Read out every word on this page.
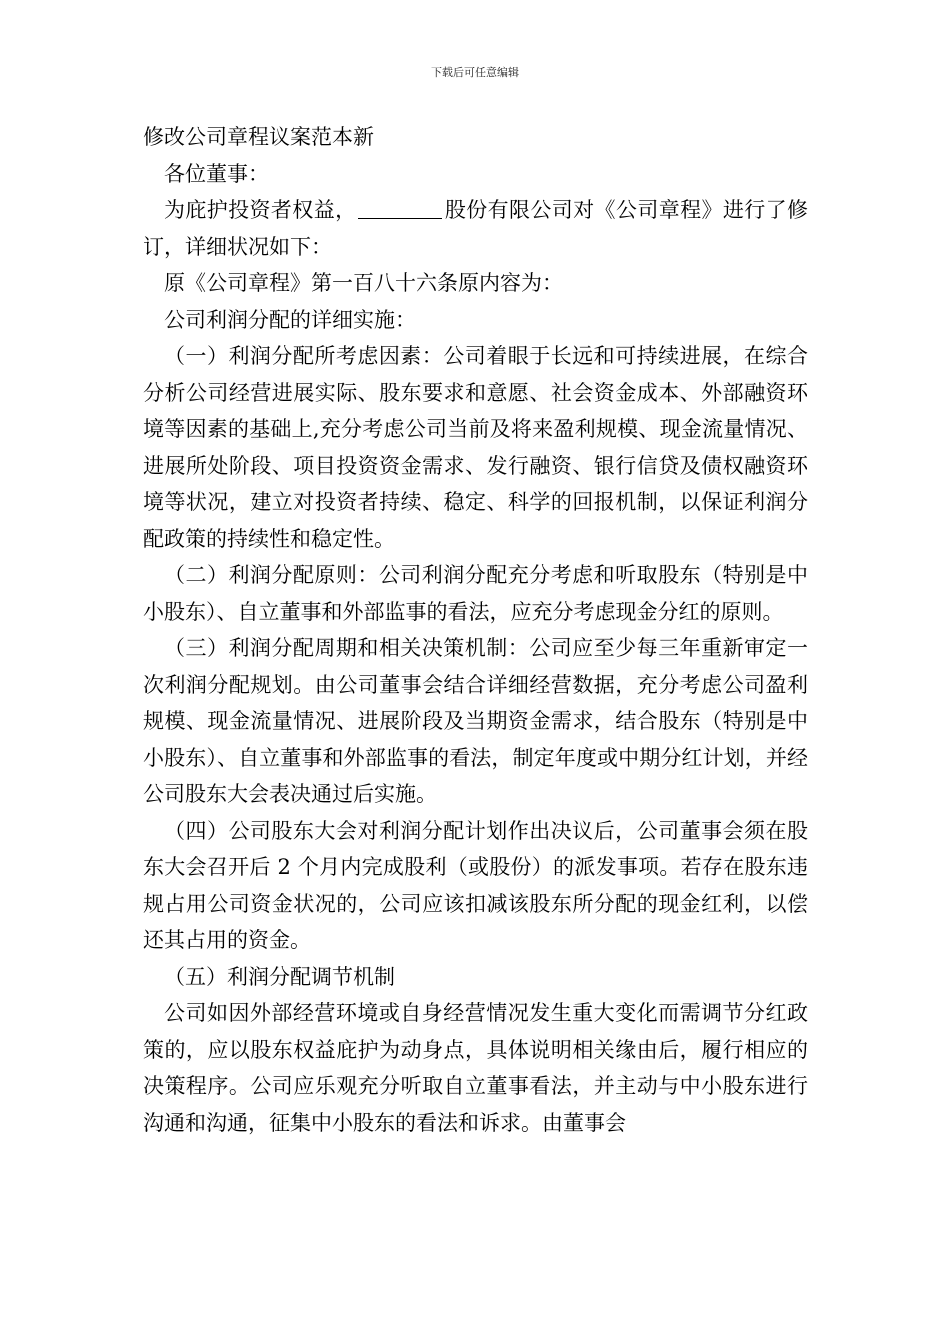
下载后可任意编辑

修改公司章程议案范本新

各位董事：

为庇护投资者权益，	股份有限公司对《公司章程》进行了修订，详细状况如下：

原《公司章程》第一百八十六条原内容为：

公司利润分配的详细实施：

（一）利润分配所考虑因素：公司着眼于长远和可持续进展，在综合分析公司经营进展实际、股东要求和意愿、社会资金成本、外部融资环境等因素的基础上,充分考虑公司当前及将来盈利规模、现金流量情况、进展所处阶段、项目投资资金需求、发行融资、银行信贷及债权融资环境等状况，建立对投资者持续、稳定、科学的回报机制，以保证利润分配政策的持续性和稳定性。

（二）利润分配原则：公司利润分配充分考虑和听取股东（特别是中小股东）、自立董事和外部监事的看法，应充分考虑现金分红的原则。

（三）利润分配周期和相关决策机制：公司应至少每三年重新审定一次利润分配规划。由公司董事会结合详细经营数据，充分考虑公司盈利规模、现金流量情况、进展阶段及当期资金需求，结合股东（特别是中小股东）、自立董事和外部监事的看法，制定年度或中期分红计划，并经公司股东大会表决通过后实施。

（四）公司股东大会对利润分配计划作出决议后，公司董事会须在股东大会召开后 2 个月内完成股利（或股份）的派发事项。若存在股东违规占用公司资金状况的，公司应该扣减该股东所分配的现金红利，以偿还其占用的资金。

（五）利润分配调节机制

公司如因外部经营环境或自身经营情况发生重大变化而需调节分红政策的，应以股东权益庇护为动身点，具体说明相关缘由后，履行相应的决策程序。公司应乐观充分听取自立董事看法，并主动与中小股东进行沟通和沟通，征集中小股东的看法和诉求。由董事会
